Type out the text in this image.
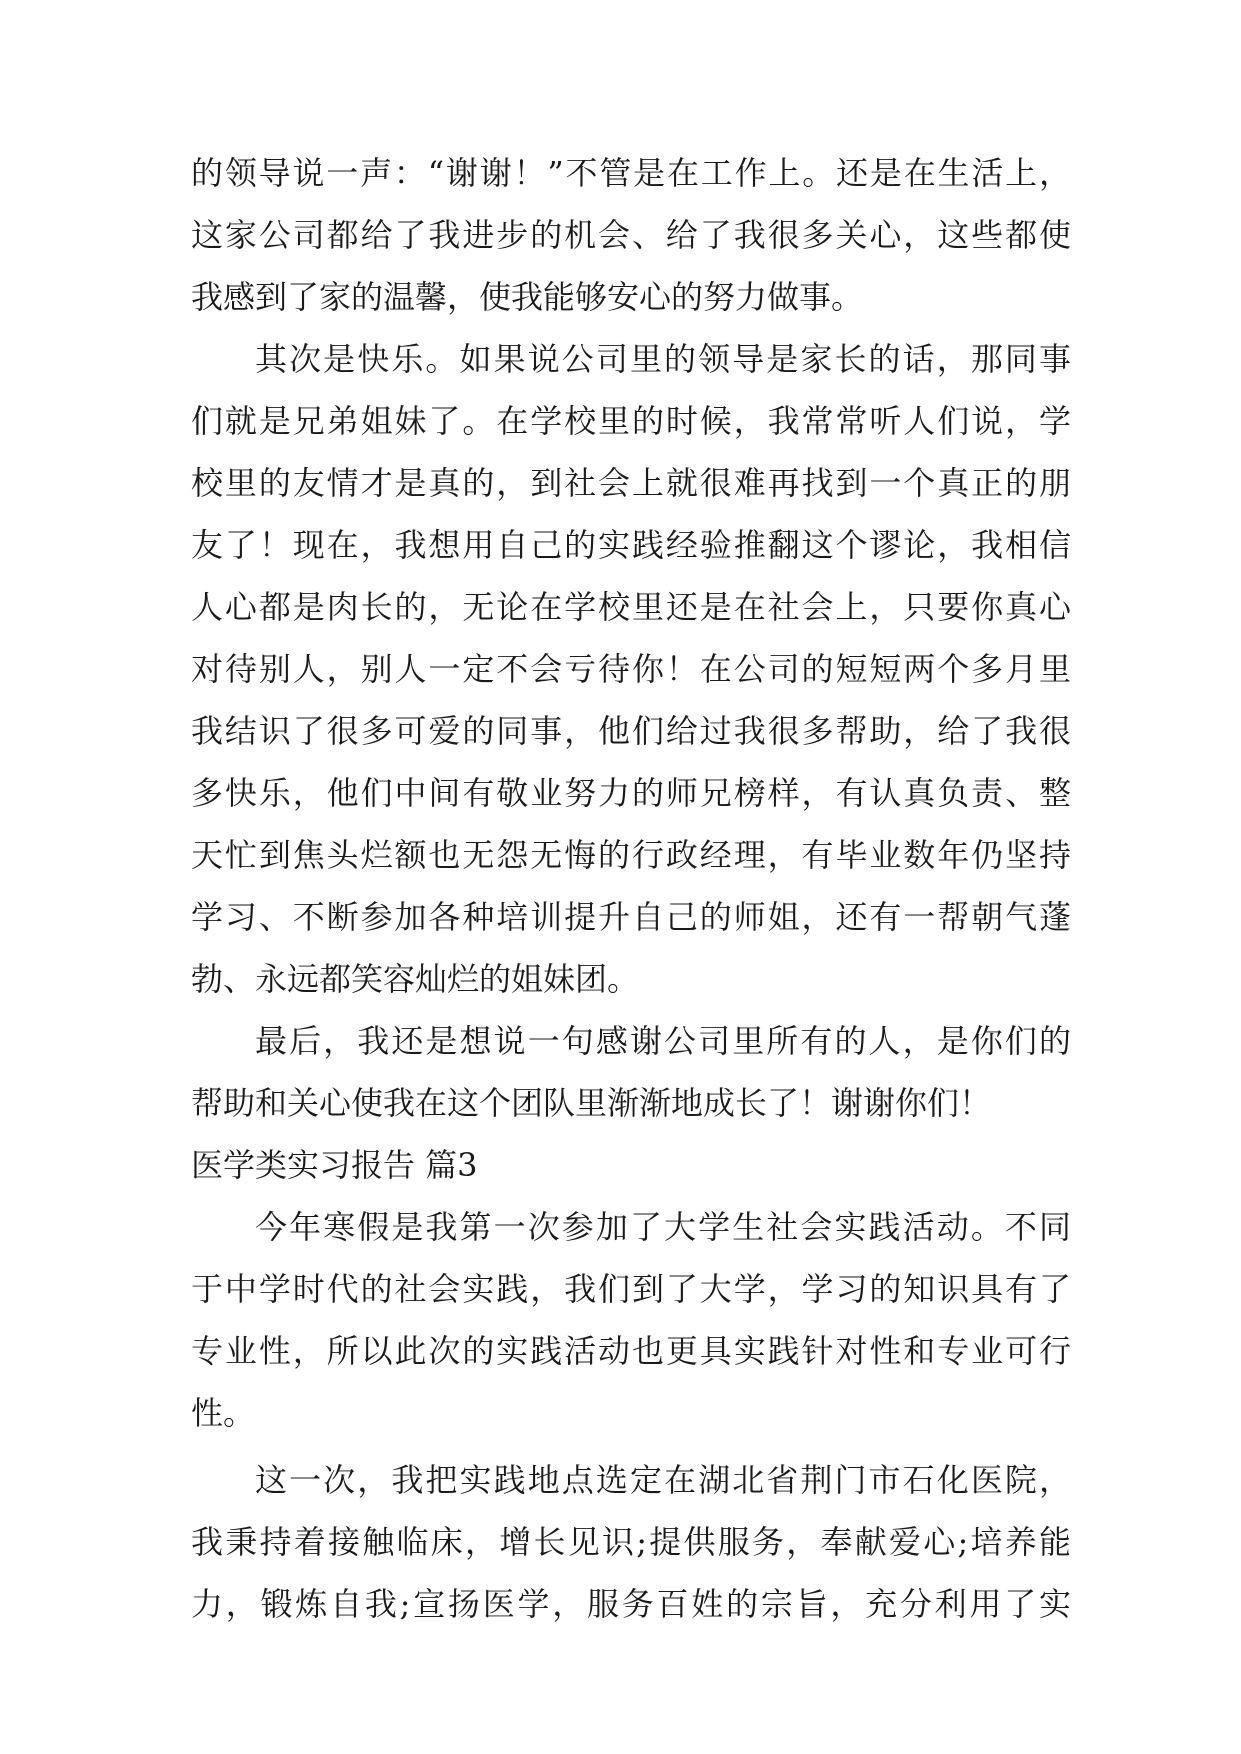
的领导说一声：“谢谢！”不管是在工作上。还是在生活上，
这家公司都给了我进步的机会、给了我很多关心，这些都使
我感到了家的温馨，使我能够安心的努力做事。
其次是快乐。如果说公司里的领导是家长的话，那同事
们就是兄弟姐妹了。在学校里的时候，我常常听人们说，学
校里的友情才是真的，到社会上就很难再找到一个真正的朋
友了！现在，我想用自己的实践经验推翻这个谬论，我相信
人心都是肉长的，无论在学校里还是在社会上，只要你真心
对待别人，别人一定不会亏待你！在公司的短短两个多月里
我结识了很多可爱的同事，他们给过我很多帮助，给了我很
多快乐，他们中间有敬业努力的师兄榜样，有认真负责、整
天忙到焦头烂额也无怨无悔的行政经理，有毕业数年仍坚持
学习、不断参加各种培训提升自己的师姐，还有一帮朝气蓬
勃、永远都笑容灿烂的姐妹团。
最后，我还是想说一句感谢公司里所有的人，是你们的
帮助和关心使我在这个团队里渐渐地成长了！谢谢你们！
医学类实习报告 篇3
今年寒假是我第一次参加了大学生社会实践活动。不同
于中学时代的社会实践，我们到了大学，学习的知识具有了
专业性，所以此次的实践活动也更具实践针对性和专业可行
性。
这一次，我把实践地点选定在湖北省荆门市石化医院，
我秉持着接触临床，增长见识;提供服务，奉献爱心;培养能
力，锻炼自我;宣扬医学，服务百姓的宗旨，充分利用了实
